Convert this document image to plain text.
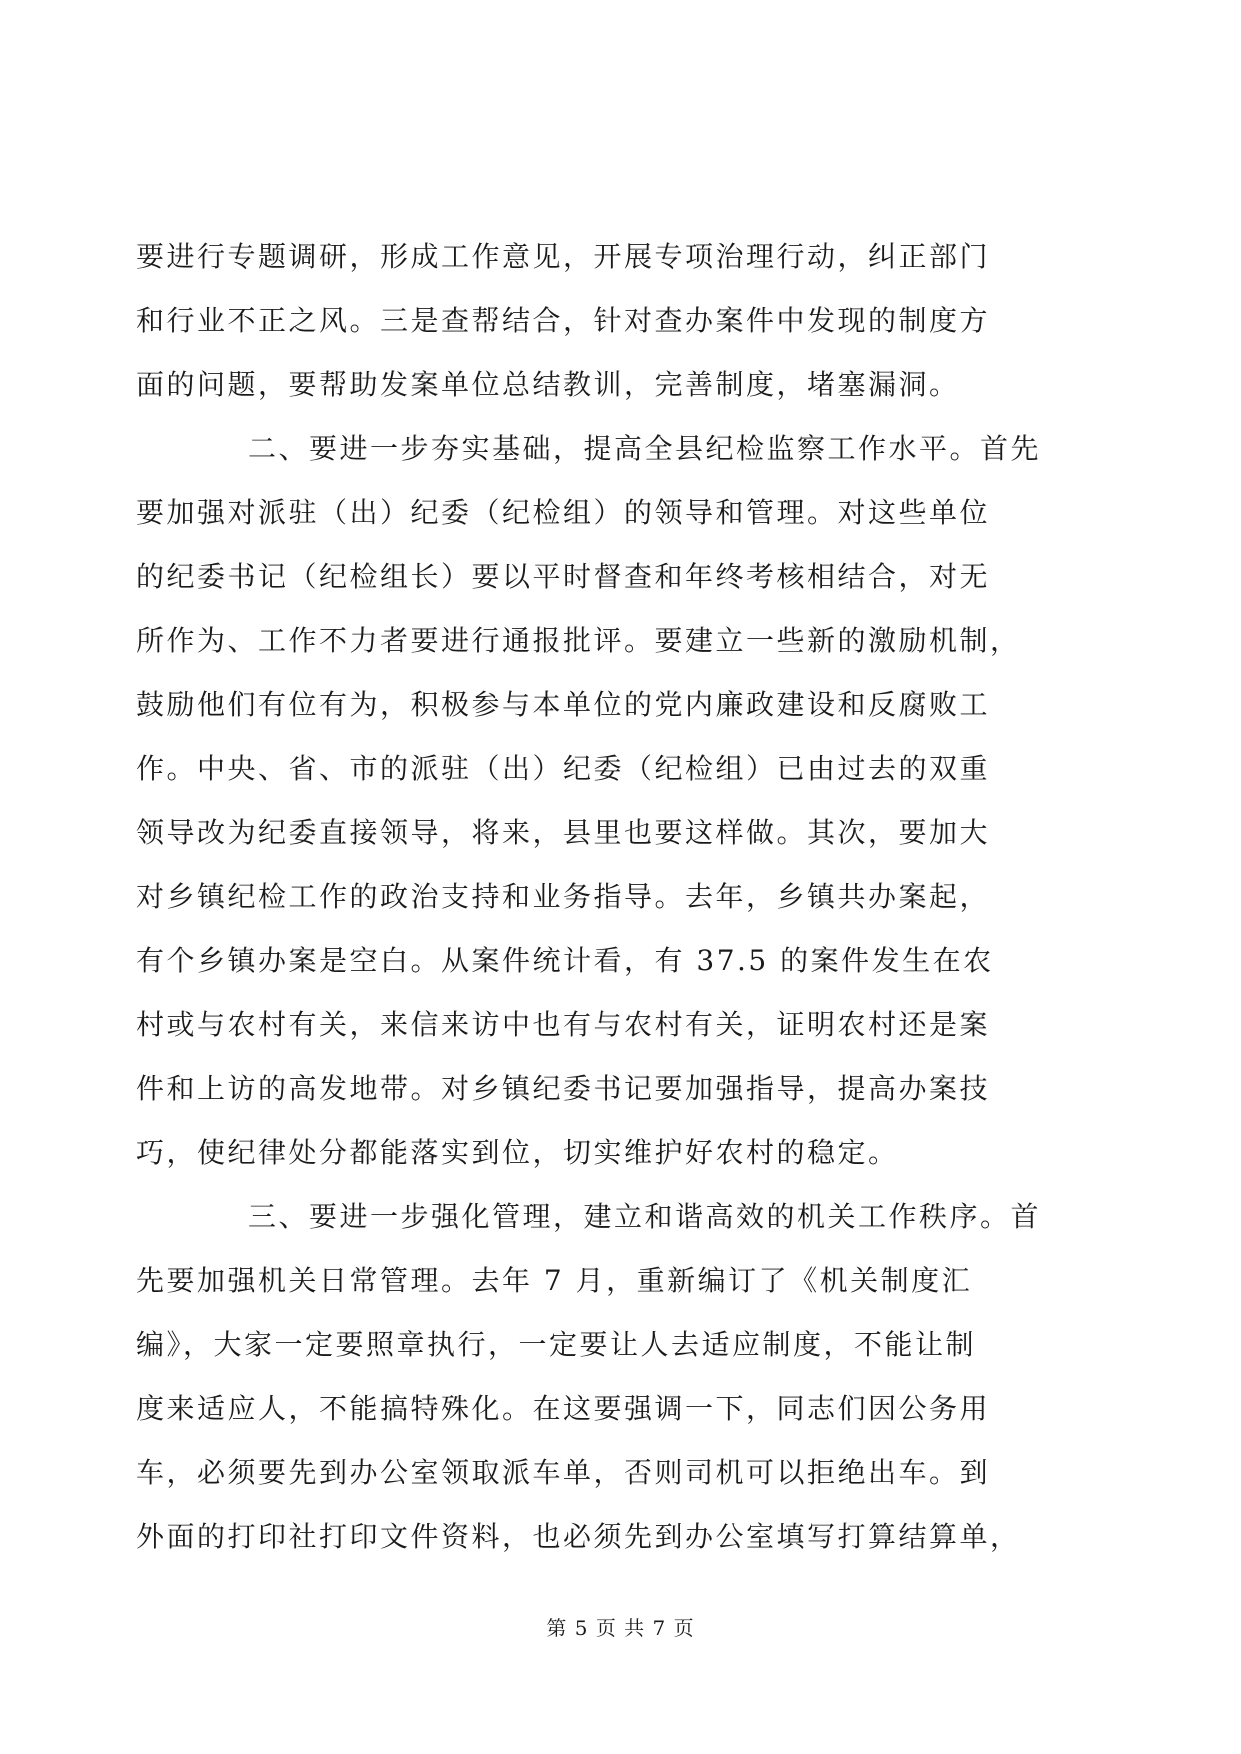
要进行专题调研，形成工作意见，开展专项治理行动，纠正部门
和行业不正之风。三是查帮结合，针对查办案件中发现的制度方
面的问题，要帮助发案单位总结教训，完善制度，堵塞漏洞。
二、要进一步夯实基础，提高全县纪检监察工作水平。首先
要加强对派驻（出）纪委（纪检组）的领导和管理。对这些单位
的纪委书记（纪检组长）要以平时督查和年终考核相结合，对无
所作为、工作不力者要进行通报批评。要建立一些新的激励机制，
鼓励他们有位有为，积极参与本单位的党内廉政建设和反腐败工
作。中央、省、市的派驻（出）纪委（纪检组）已由过去的双重
领导改为纪委直接领导，将来，县里也要这样做。其次，要加大
对乡镇纪检工作的政治支持和业务指导。去年，乡镇共办案起，
有个乡镇办案是空白。从案件统计看，有 37.5 的案件发生在农
村或与农村有关，来信来访中也有与农村有关，证明农村还是案
件和上访的高发地带。对乡镇纪委书记要加强指导，提高办案技
巧，使纪律处分都能落实到位，切实维护好农村的稳定。
三、要进一步强化管理，建立和谐高效的机关工作秩序。首
先要加强机关日常管理。去年 7 月，重新编订了《机关制度汇
编》，大家一定要照章执行，一定要让人去适应制度，不能让制
度来适应人，不能搞特殊化。在这要强调一下，同志们因公务用
车，必须要先到办公室领取派车单，否则司机可以拒绝出车。到
外面的打印社打印文件资料，也必须先到办公室填写打算结算单，
第 5 页 共 7 页
